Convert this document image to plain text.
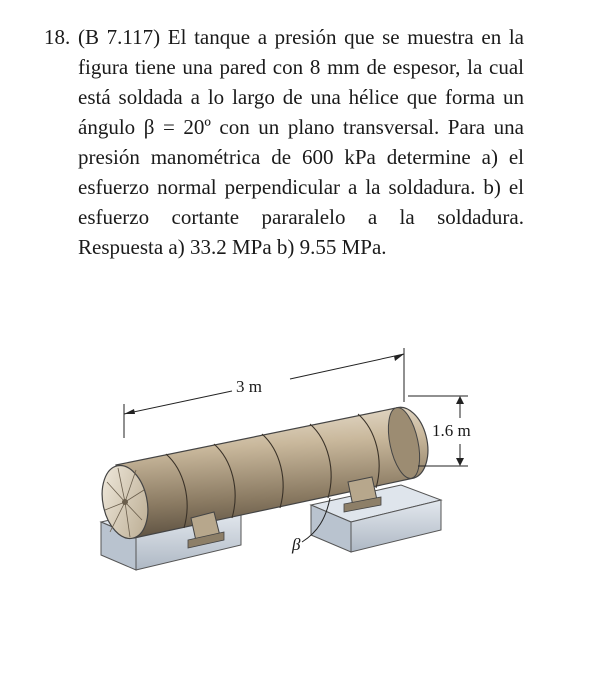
18. (B 7.117) El tanque a presión que se muestra en la figura tiene una pared con 8 mm de espesor, la cual está soldada a lo largo de una hélice que forma un ángulo β = 20º con un plano transversal. Para una presión manométrica de 600 kPa determine a) el esfuerzo normal perpendicular a la soldadura. b) el esfuerzo cortante pararalelo a la soldadura. Respuesta a) 33.2 MPa b) 9.55 MPa.
3 m
1.6 m
β
